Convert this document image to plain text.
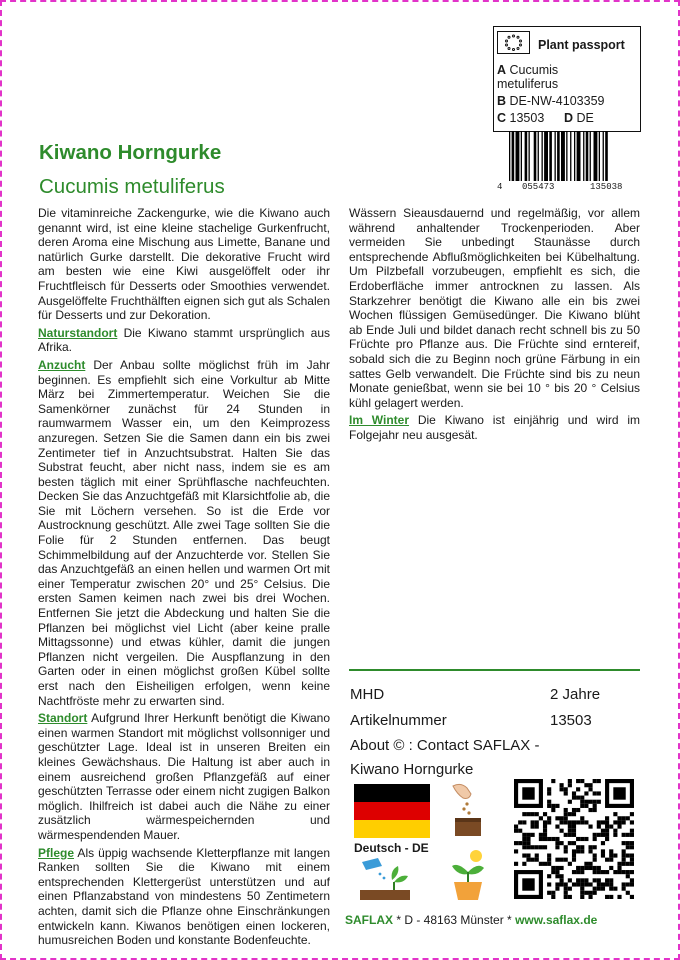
Plant passport
A Cucumis
metuliferus
B DE-NW-4103359
C 13503 D DE
4 055473	135038
Kiwano Horngurke
Cucumis metuliferus

Die vitaminreiche Zackengurke, wie die Kiwano auch genannt wird, ist eine kleine stachelige Gurkenfrucht, deren Aroma eine Mischung aus Limette, Banane und natürlich Gurke darstellt. Die dekorative Frucht wird am besten wie eine Kiwi ausgelöffelt oder ihr Fruchtfleisch für Desserts oder Smoothies verwendet. Ausgelöffelte Fruchthälften eignen sich gut als Schalen für Desserts und zur Dekoration.

Naturstandort Die Kiwano stammt ursprünglich aus Afrika.

Anzucht Der Anbau sollte möglichst früh im Jahr beginnen. Es empfiehlt sich eine Vorkultur ab Mitte März bei Zimmertemperatur. Weichen Sie die Samenkörner zunächst für 24 Stunden in raumwarmem Wasser ein, um den Keimprozess anzuregen. Setzen Sie die Samen dann ein bis zwei Zentimeter tief in Anzuchtsubstrat. Halten Sie das Substrat feucht, aber nicht nass, indem sie es am besten täglich mit einer Sprühflasche nachfeuchten. Decken Sie das Anzuchtgefäß mit Klarsichtfolie ab, die Sie mit Löchern versehen. So ist die Erde vor Austrocknung geschützt. Alle zwei Tage sollten Sie die Folie für 2 Stunden entfernen. Das beugt Schimmelbildung auf der Anzuchterde vor. Stellen Sie das Anzuchtgefäß an einen hellen und warmen Ort mit einer Temperatur zwischen 20° und 25° Celsius. Die ersten Samen keimen nach zwei bis drei Wochen. Entfernen Sie jetzt die Abdeckung und halten Sie die Pflanzen bei möglichst viel Licht (aber keine pralle Mittagssonne) und etwas kühler, damit die jungen Pflanzen nicht vergeilen. Die Auspflanzung in den Garten oder in einen möglichst großen Kübel sollte erst nach den Eisheiligen erfolgen, wenn keine Nachtfröste mehr zu erwarten sind.

Standort Aufgrund Ihrer Herkunft benötigt die Kiwano einen warmen Standort mit möglichst vollsonniger und geschützter Lage. Ideal ist in unseren Breiten ein kleines Gewächshaus. Die Haltung ist aber auch in einem ausreichend großen Pflanzgefäß auf einer geschützten Terrasse oder einem nicht zugigen Balkon möglich. Ihilfreich ist dabei auch die Nähe zu einer zusätzlich wärmespeichernden und wärmespendenden Mauer.

Pflege Als üppig wachsende Kletterpflanze mit langen Ranken sollten Sie die Kiwano mit einem entsprechenden Klettergerüst unterstützen und auf einen Pflanzabstand von mindestens 50 Zentimetern achten, damit sich die Pflanze ohne Einschränkungen entwickeln kann. Kiwanos benötigen einen lockeren, humusreichen Boden und konstante Bodenfeuchte.

Wässern Sieausdauernd und regelmäßig, vor allem während anhaltender Trockenperioden. Aber vermeiden Sie unbedingt Staunässe durch entsprechende Abflußmöglichkeiten bei Kübelhaltung. Um Pilzbefall vorzubeugen, empfiehlt es sich, die Erdoberfläche immer antrocknen zu lassen. Als Starkzehrer benötigt die Kiwano alle ein bis zwei Wochen flüssigen Gemüsedünger. Die Kiwano blüht ab Ende Juli und bildet danach recht schnell bis zu 50 Früchte pro Pflanze aus. Die Früchte sind erntereif, sobald sich die zu Beginn noch grüne Färbung in ein sattes Gelb verwandelt. Die Früchte sind bis zu neun Monate genießbat, wenn sie bei 10 ° bis 20 ° Celsius kühl gelagert werden.

Im Winter Die Kiwano ist einjährig und wird im Folgejahr neu ausgesät.

MHD	2 Jahre
Artikelnummer	13503
About © : Contact SAFLAX -
Kiwano Horngurke
Deutsch - DE
SAFLAX * D - 48163 Münster * www.saflax.de
